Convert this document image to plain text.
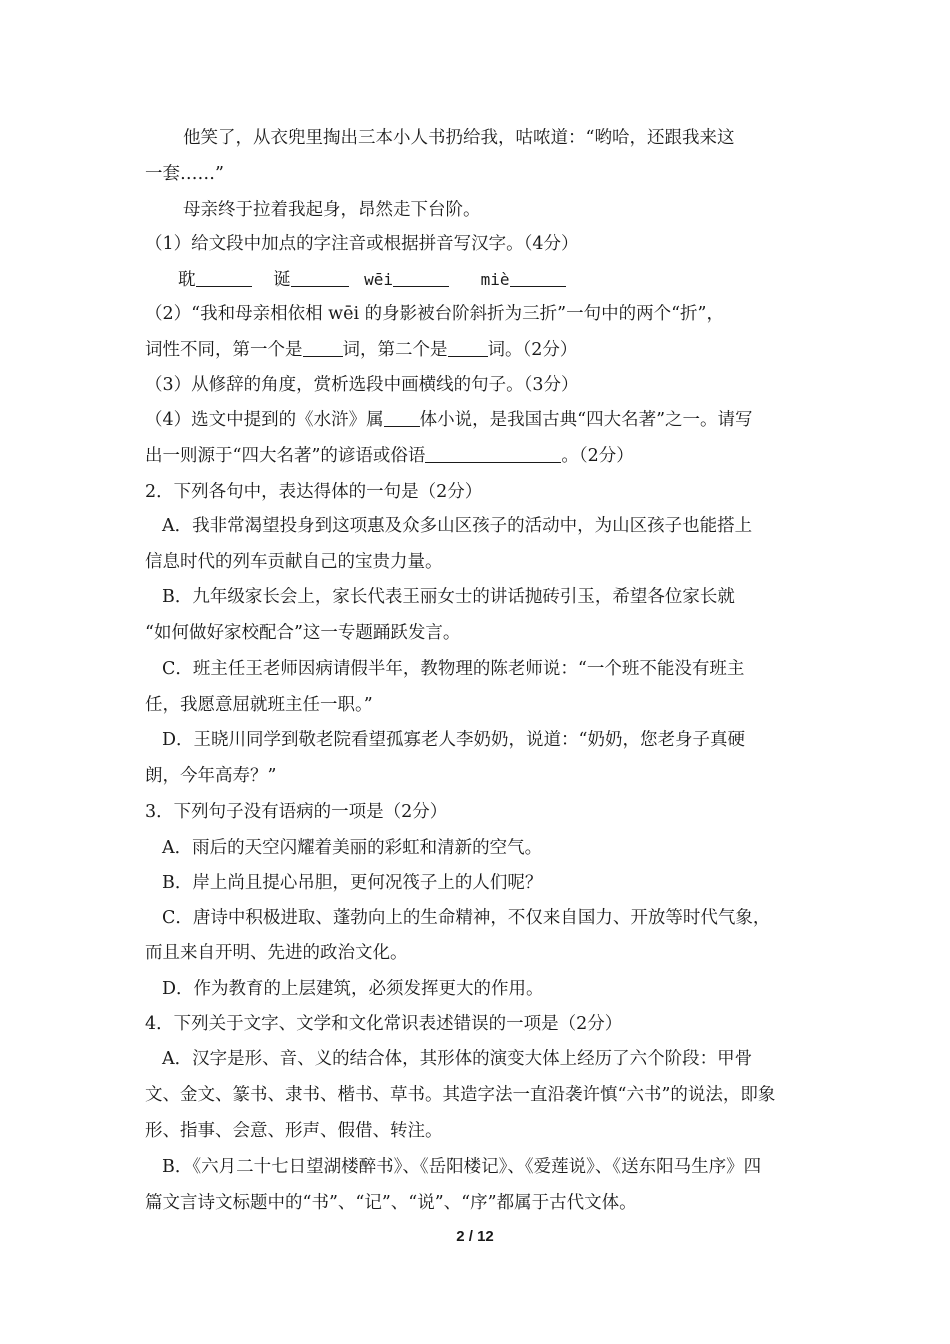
他笑了，从衣兜里掏出三本小人书扔给我，咕哝道：“哟哈，还跟我来这
一套……”
母亲终于拉着我起身，昂然走下台阶。
（1）给文段中加点的字注音或根据拼音写汉字。（4分）
耽	诞	wēi	miè
（2）“我和母亲相依相 wēi 的身影被台阶斜折为三折”一句中的两个“折”，
词性不同，第一个是 词，第二个是 词。（2分）
（3）从修辞的角度，赏析选段中画横线的句子。（3分）
（4）选文中提到的《水浒》属 体小说，是我国古典“四大名著”之一。请写
出一则源于“四大名著”的谚语或俗语	。（2分）
2．下列各句中，表达得体的一句是（2分）
A．我非常渴望投身到这项惠及众多山区孩子的活动中，为山区孩子也能搭上
信息时代的列车贡献自己的宝贵力量。
B．九年级家长会上，家长代表王丽女士的讲话抛砖引玉，希望各位家长就
“如何做好家校配合”这一专题踊跃发言。
C．班主任王老师因病请假半年，教物理的陈老师说：“一个班不能没有班主
任，我愿意屈就班主任一职。”
D．王晓川同学到敬老院看望孤寡老人李奶奶，说道：“奶奶，您老身子真硬
朗，今年高寿？”
3．下列句子没有语病的一项是（2分）
A．雨后的天空闪耀着美丽的彩虹和清新的空气。
B．岸上尚且提心吊胆，更何况筏子上的人们呢？
C．唐诗中积极进取、蓬勃向上的生命精神，不仅来自国力、开放等时代气象，
而且来自开明、先进的政治文化。
D．作为教育的上层建筑，必须发挥更大的作用。
4．下列关于文字、文学和文化常识表述错误的一项是（2分）
A．汉字是形、音、义的结合体，其形体的演变大体上经历了六个阶段：甲骨
文、金文、篆书、隶书、楷书、草书。其造字法一直沿袭许慎“六书”的说法，即象
形、指事、会意、形声、假借、转注。
B．《六月二十七日望湖楼醉书》、《岳阳楼记》、《爱莲说》、《送东阳马生序》四
篇文言诗文标题中的“书”、“记”、“说”、“序”都属于古代文体。
2 / 12
